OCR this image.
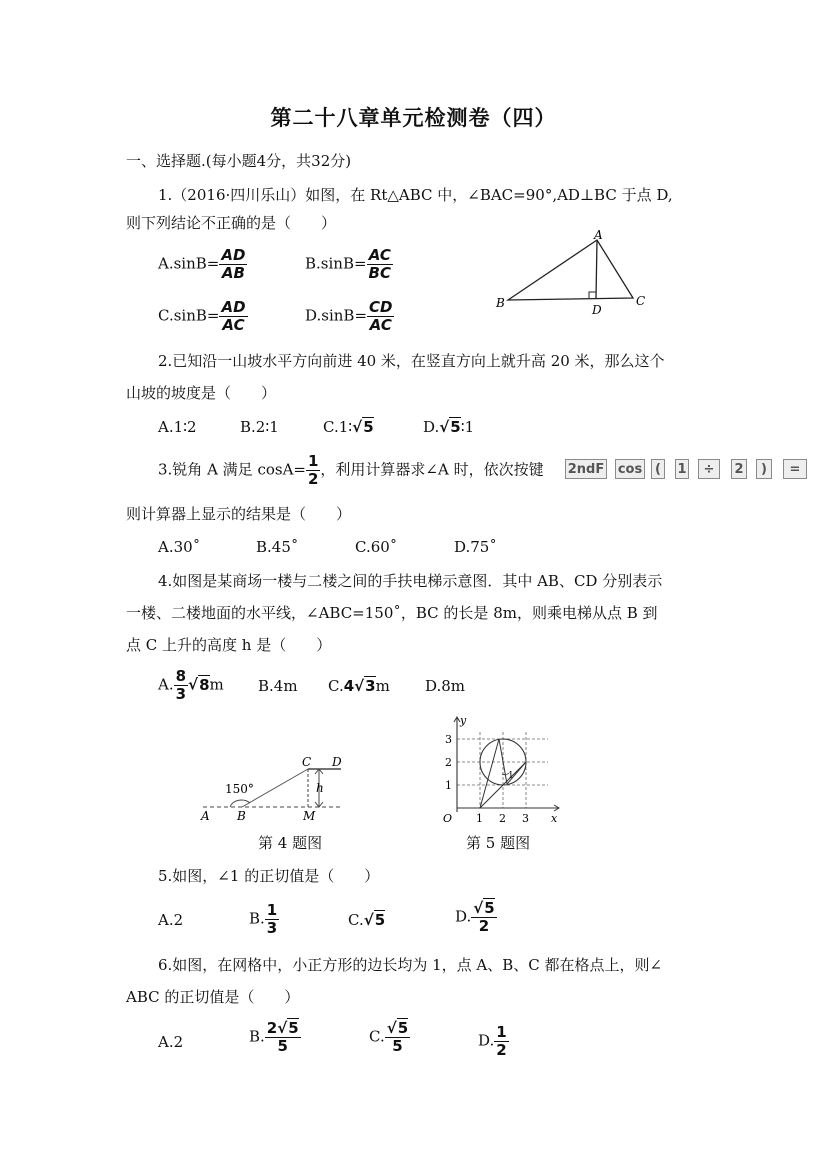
第二十八章单元检测卷（四）
一、选择题.(每小题4分，共32分)
1.（2016·四川乐山）如图，在 Rt△ABC 中，∠BAC=90°,AD⊥BC 于点 D,
则下列结论不正确的是（　　）
$A.\sin B= \frac{AD}{AB}$	$B.\sin B= \frac{AC}{BC}$
$C.\sin B= \frac{AD}{AC}$	$D.\sin B= \frac{CD}{AC}$
A
B	C
D
2.已知沿一山坡水平方向前进 40 米，在竖直方向上就升高 20 米，那么这个
山坡的坡度是（　　）
A.1∶2	B.2∶1	C.1∶√5	D.√5∶1
3.锐角 A 满足 $\cos A= \frac{1}{2}$ ，利用计算器求∠A 时，依次按键 2ndF cos (	1	÷	2	)	=
则计算器上显示的结果是（　　）
A.30˚	B.45˚	C.60˚	D.75˚
4.如图是某商场一楼与二楼之间的手扶电梯示意图．其中 AB、CD 分别表示
一楼、二楼地面的水平线，∠ABC=150˚，BC 的长是 8m，则乘电梯从点 B 到
点 C 上升的高度 h 是（　　）
A. $\frac{8}{3} √8m$ B.4m C.4√3m D.8m
150°
A B	M
C D
h
第 4 题图
1
y
x
O 1 2 3
1
2
3
第 5 题图
5.如图，∠1 的正切值是（　　）
A.2	B. $\frac{1}{3}$	C.√5	D. $\frac{√5}{2}$
6.如图，在网格中，小正方形的边长均为 1，点 A、B、C 都在格点上，则∠
ABC 的正切值是（　　）
A.2	B. $\frac{2√5}{5}$	C. $\frac{√5}{5}$	D. $\frac{1}{2}$
